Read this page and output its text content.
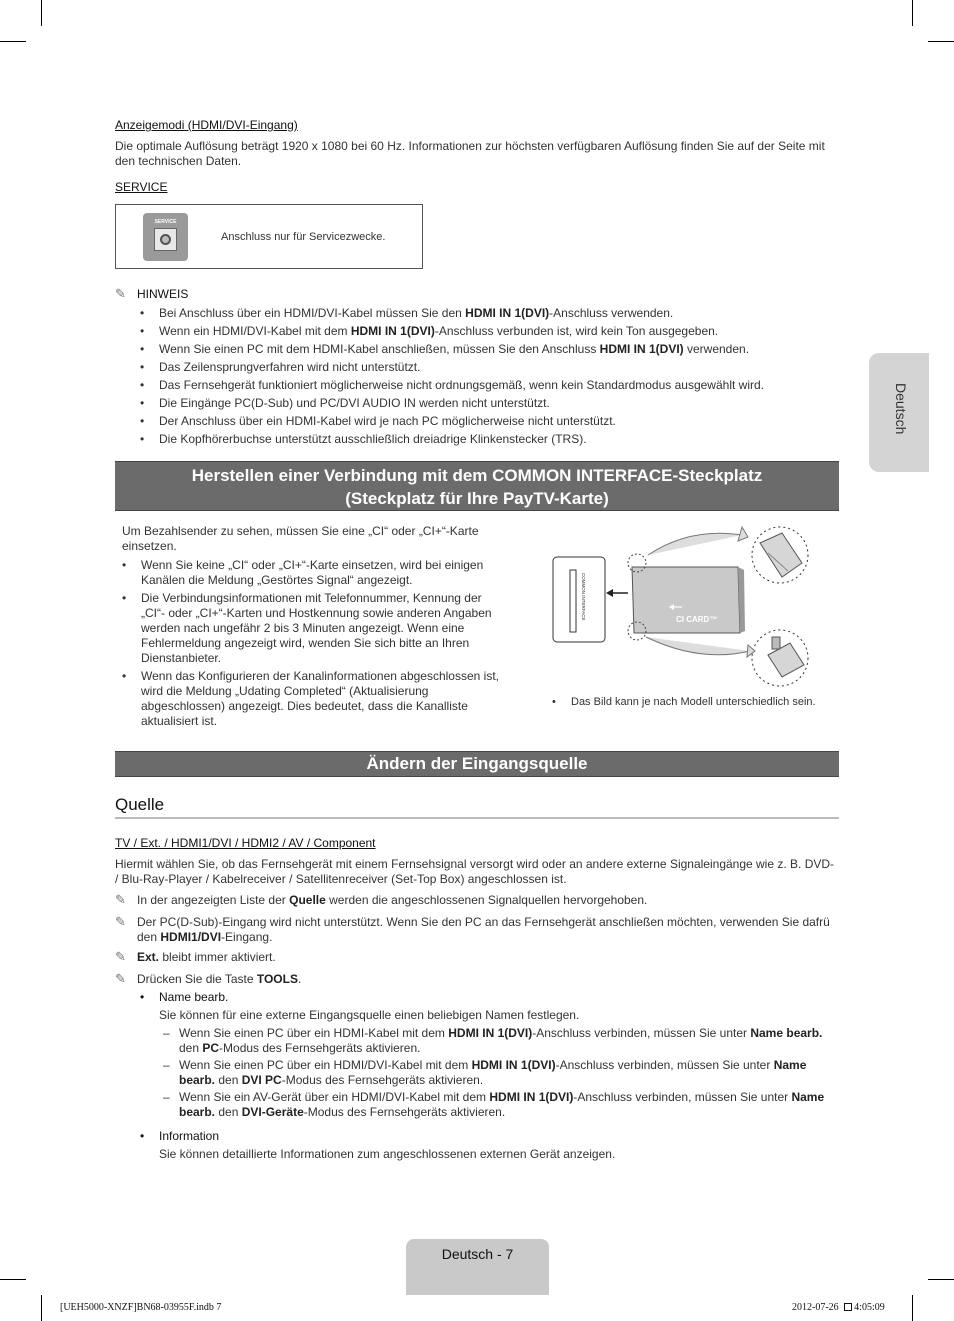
Anzeigemodi (HDMI/DVI-Eingang)
Die optimale Auflösung beträgt 1920 x 1080 bei 60 Hz. Informationen zur höchsten verfügbaren Auflösung finden Sie auf der Seite mit den technischen Daten.
SERVICE
SERVICE
Anschluss nur für Servicezwecke.
✎ HINWEIS
• Bei Anschluss über ein HDMI/DVI-Kabel müssen Sie den HDMI IN 1(DVI)-Anschluss verwenden.
• Wenn ein HDMI/DVI-Kabel mit dem HDMI IN 1(DVI)-Anschluss verbunden ist, wird kein Ton ausgegeben.
• Wenn Sie einen PC mit dem HDMI-Kabel anschließen, müssen Sie den Anschluss HDMI IN 1(DVI) verwenden.
• Das Zeilensprungverfahren wird nicht unterstützt.
• Das Fernsehgerät funktioniert möglicherweise nicht ordnungsgemäß, wenn kein Standardmodus ausgewählt wird.
• Die Eingänge PC(D-Sub) und PC/DVI AUDIO IN werden nicht unterstützt.
• Der Anschluss über ein HDMI-Kabel wird je nach PC möglicherweise nicht unterstützt.
• Die Kopfhörerbuchse unterstützt ausschließlich dreiadrige Klinkenstecker (TRS).
Deutsch
Herstellen einer Verbindung mit dem COMMON INTERFACE-Steckplatz
(Steckplatz für Ihre PayTV-Karte)
Um Bezahlsender zu sehen, müssen Sie eine „CI“ oder „CI+“-Karte einsetzen.
• Wenn Sie keine „CI“ oder „CI+“-Karte einsetzen, wird bei einigen Kanälen die Meldung „Gestörtes Signal“ angezeigt.
• Die Verbindungsinformationen mit Telefonnummer, Kennung der „CI“- oder „CI+“-Karten und Hostkennung sowie anderen Angaben werden nach ungefähr 2 bis 3 Minuten angezeigt. Wenn eine Fehlermeldung angezeigt wird, wenden Sie sich bitte an Ihren Dienstanbieter.
• Wenn das Konfigurieren der Kanalinformationen abgeschlossen ist, wird die Meldung „Udating Completed“ (Aktualisierung abgeschlossen) angezeigt. Dies bedeutet, dass die Kanalliste aktualisiert ist.
COMMON INTERFACE	CI CARD™
• Das Bild kann je nach Modell unterschiedlich sein.
Ändern der Eingangsquelle
Quelle
TV / Ext. / HDMI1/DVI / HDMI2 / AV / Component
Hiermit wählen Sie, ob das Fernsehgerät mit einem Fernsehsignal versorgt wird oder an andere externe Signaleingänge wie z. B. DVD- / Blu-Ray-Player / Kabelreceiver / Satellitenreceiver (Set-Top Box) angeschlossen ist.
✎ In der angezeigten Liste der Quelle werden die angeschlossenen Signalquellen hervorgehoben.
✎ Der PC(D-Sub)-Eingang wird nicht unterstützt. Wenn Sie den PC an das Fernsehgerät anschließen möchten, verwenden Sie dafrü den HDMI1/DVI-Eingang.
✎ Ext. bleibt immer aktiviert.
✎ Drücken Sie die Taste TOOLS.
• Name bearb.
Sie können für eine externe Eingangsquelle einen beliebigen Namen festlegen.
– Wenn Sie einen PC über ein HDMI-Kabel mit dem HDMI IN 1(DVI)-Anschluss verbinden, müssen Sie unter Name bearb. den PC-Modus des Fernsehgeräts aktivieren.
– Wenn Sie einen PC über ein HDMI/DVI-Kabel mit dem HDMI IN 1(DVI)-Anschluss verbinden, müssen Sie unter Name bearb. den DVI PC-Modus des Fernsehgeräts aktivieren.
– Wenn Sie ein AV-Gerät über ein HDMI/DVI-Kabel mit dem HDMI IN 1(DVI)-Anschluss verbinden, müssen Sie unter Name bearb. den DVI-Geräte-Modus des Fernsehgeräts aktivieren.
• Information
Sie können detaillierte Informationen zum angeschlossenen externen Gerät anzeigen.
Deutsch - 7
[UEH5000-XNZF]BN68-03955F.indb 7	2012-07-26 4:05:09
